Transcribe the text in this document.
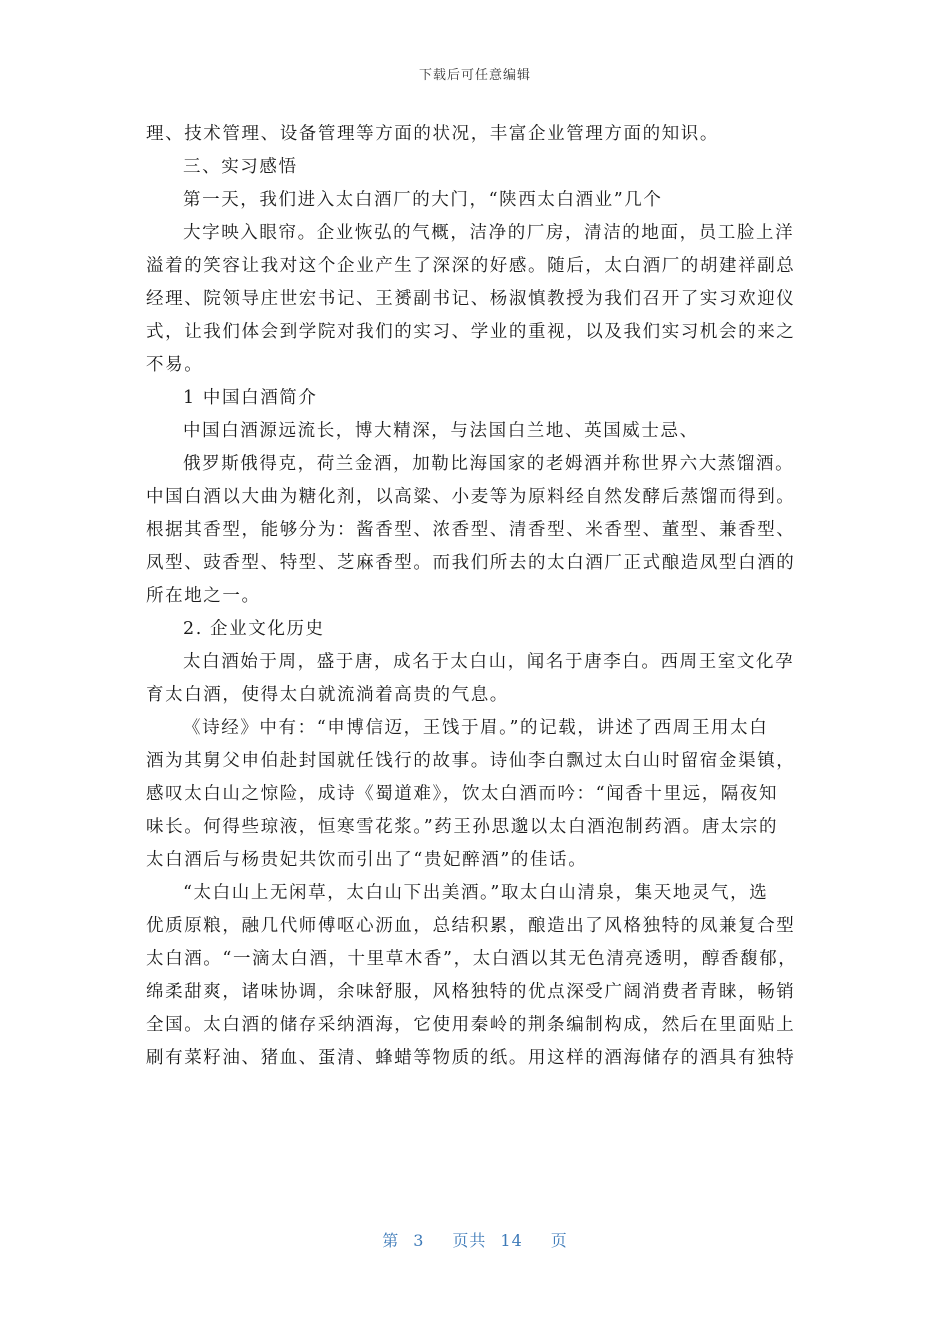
下载后可任意编辑
理、技术管理、设备管理等方面的状况，丰富企业管理方面的知识。
三、实习感悟
第一天，我们进入太白酒厂的大门，“陕西太白酒业”几个
大字映入眼帘。企业恢弘的气概，洁净的厂房，清洁的地面，员工脸上洋
溢着的笑容让我对这个企业产生了深深的好感。随后，太白酒厂的胡建祥副总
经理、院领导庄世宏书记、王赟副书记、杨淑慎教授为我们召开了实习欢迎仪
式，让我们体会到学院对我们的实习、学业的重视，以及我们实习机会的来之
不易。
1 中国白酒简介
中国白酒源远流长，博大精深，与法国白兰地、英国威士忌、
俄罗斯俄得克，荷兰金酒，加勒比海国家的老姆酒并称世界六大蒸馏酒。
中国白酒以大曲为糖化剂，以高粱、小麦等为原料经自然发酵后蒸馏而得到。
根据其香型，能够分为：酱香型、浓香型、清香型、米香型、董型、兼香型、
凤型、豉香型、特型、芝麻香型。而我们所去的太白酒厂正式酿造凤型白酒的
所在地之一。
2. 企业文化历史
太白酒始于周，盛于唐，成名于太白山，闻名于唐李白。西周王室文化孕
育太白酒，使得太白就流淌着高贵的气息。
《诗经》中有：“申博信迈，王饯于眉。”的记载，讲述了西周王用太白
酒为其舅父申伯赴封国就任饯行的故事。诗仙李白飘过太白山时留宿金渠镇，
感叹太白山之惊险，成诗《蜀道难》，饮太白酒而吟：“闻香十里远，隔夜知
味长。何得些琼液，恒寒雪花浆。”药王孙思邈以太白酒泡制药酒。唐太宗的
太白酒后与杨贵妃共饮而引出了“贵妃醉酒”的佳话。
“太白山上无闲草，太白山下出美酒。”取太白山清泉，集天地灵气，选
优质原粮，融几代师傅呕心沥血，总结积累，酿造出了风格独特的凤兼复合型
太白酒。“一滴太白酒，十里草木香”，太白酒以其无色清亮透明，醇香馥郁，
绵柔甜爽，诸味协调，余味舒服，风格独特的优点深受广阔消费者青睐，畅销
全国。太白酒的储存采纳酒海，它使用秦岭的荆条编制构成，然后在里面贴上
刷有菜籽油、猪血、蛋清、蜂蜡等物质的纸。用这样的酒海储存的酒具有独特
第 3 页共 14 页
